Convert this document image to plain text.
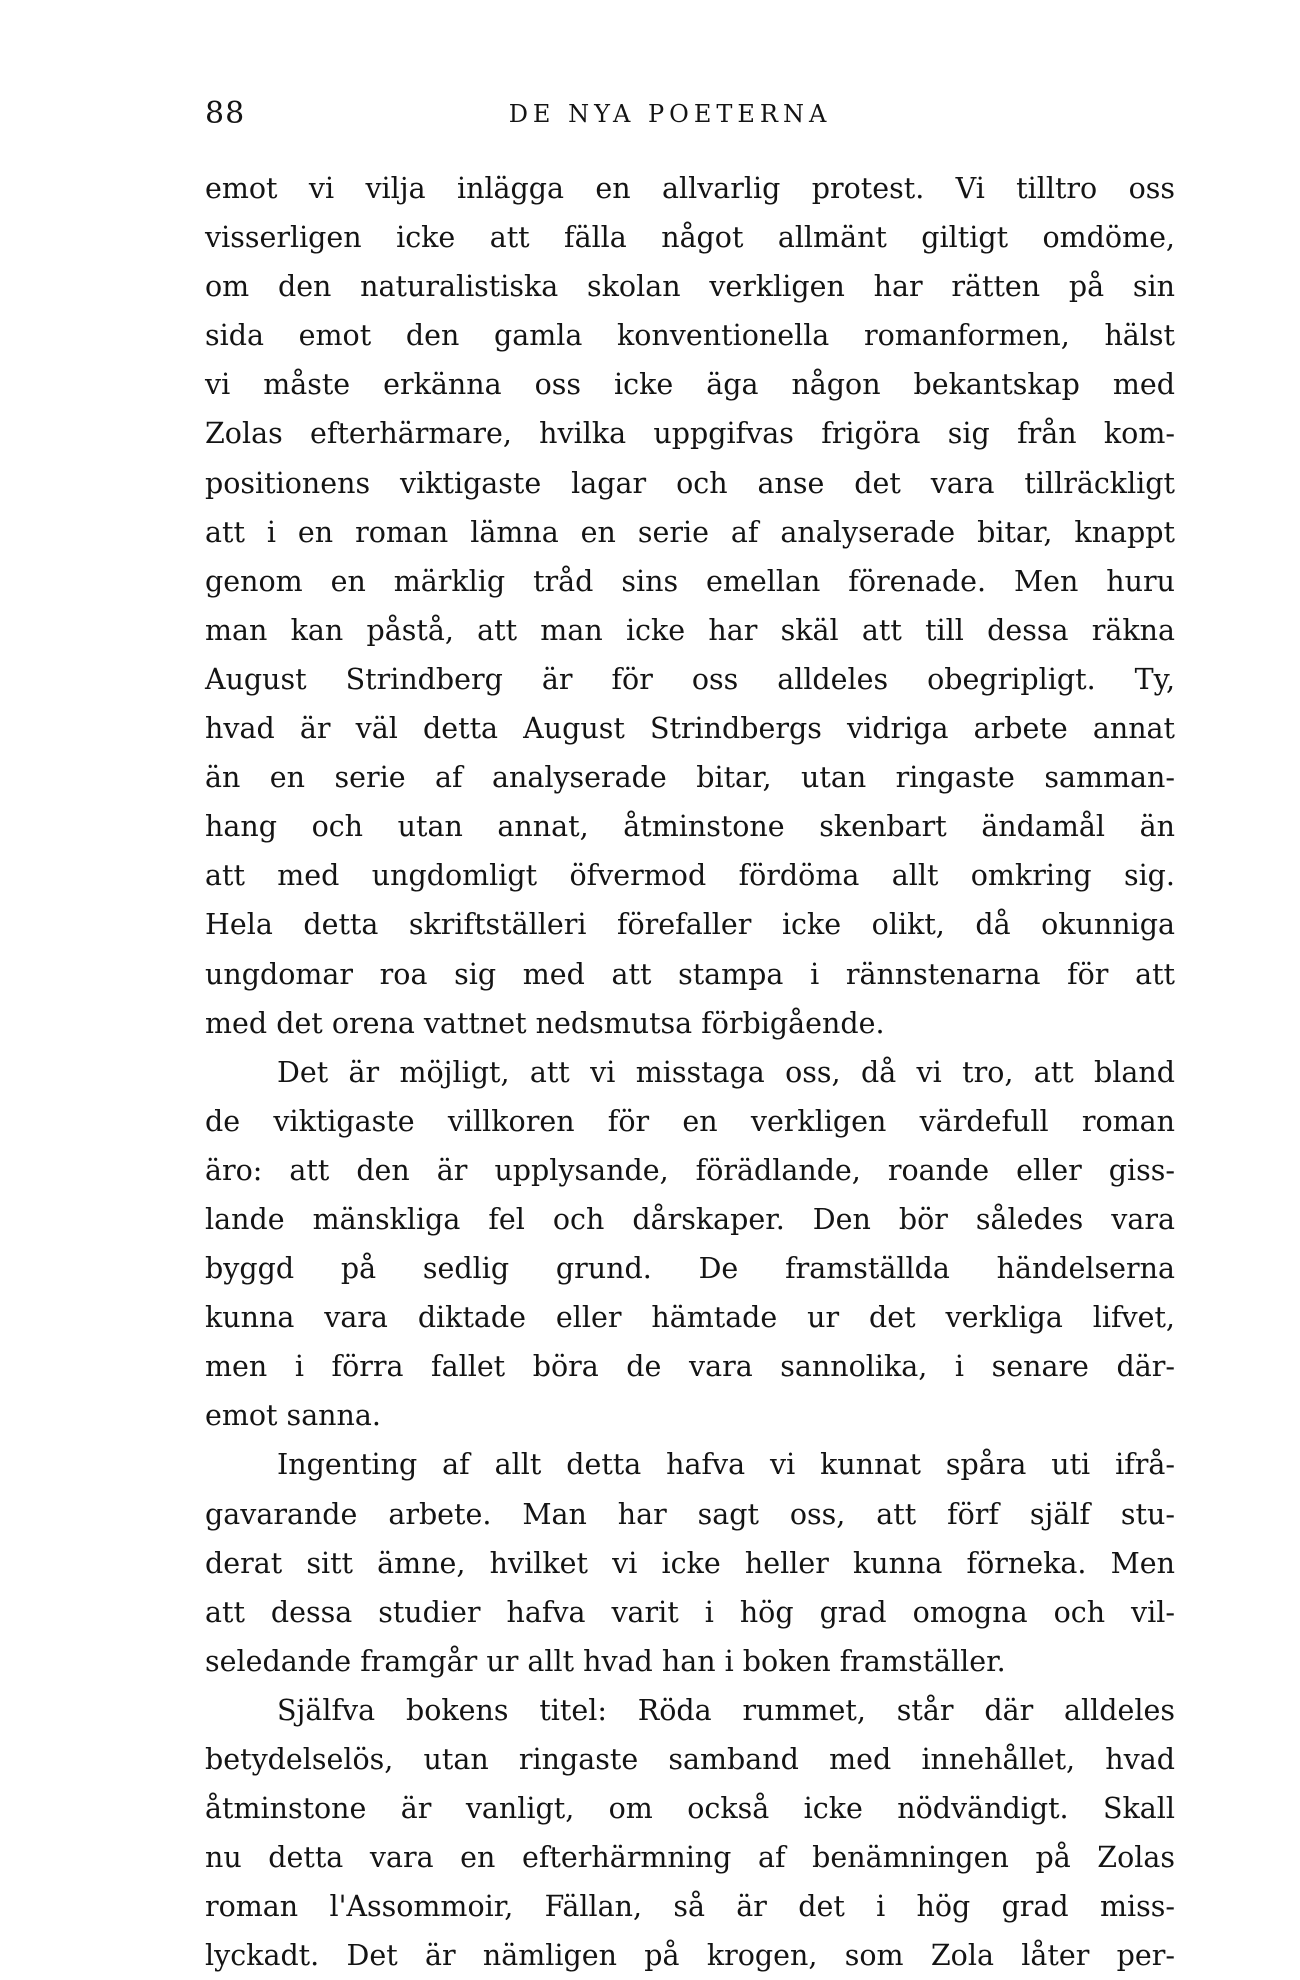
88	DE NYA POETERNA
emot vi vilja inlägga en allvarlig protest. Vi tilltro oss
visserligen icke att fälla något allmänt giltigt omdöme,
om den naturalistiska skolan verkligen har rätten på sin
sida emot den gamla konventionella romanformen, hälst
vi måste erkänna oss icke äga någon bekantskap med
Zolas efterhärmare, hvilka uppgifvas frigöra sig från kom-
positionens viktigaste lagar och anse det vara tillräckligt
att i en roman lämna en serie af analyserade bitar, knappt
genom en märklig tråd sins emellan förenade. Men huru
man kan påstå, att man icke har skäl att till dessa räkna
August Strindberg är för oss alldeles obegripligt. Ty,
hvad är väl detta August Strindbergs vidriga arbete annat
än en serie af analyserade bitar, utan ringaste samman-
hang och utan annat, åtminstone skenbart ändamål än
att med ungdomligt öfvermod fördöma allt omkring sig.
Hela detta skriftställeri förefaller icke olikt, då okunniga
ungdomar roa sig med att stampa i rännstenarna för att
med det orena vattnet nedsmutsa förbigående.
Det är möjligt, att vi misstaga oss, då vi tro, att bland
de viktigaste villkoren för en verkligen värdefull roman
äro: att den är upplysande, förädlande, roande eller giss-
lande mänskliga fel och dårskaper. Den bör således vara
byggd på sedlig grund. De framställda händelserna
kunna vara diktade eller hämtade ur det verkliga lifvet,
men i förra fallet böra de vara sannolika, i senare där-
emot sanna.
Ingenting af allt detta hafva vi kunnat spåra uti ifrå-
gavarande arbete. Man har sagt oss, att förf själf stu-
derat sitt ämne, hvilket vi icke heller kunna förneka. Men
att dessa studier hafva varit i hög grad omogna och vil-
seledande framgår ur allt hvad han i boken framställer.
Själfva bokens titel: Röda rummet, står där alldeles
betydelselös, utan ringaste samband med innehållet, hvad
åtminstone är vanligt, om också icke nödvändigt. Skall
nu detta vara en efterhärmning af benämningen på Zolas
roman l'Assommoir, Fällan, så är det i hög grad miss-
lyckadt. Det är nämligen på krogen, som Zola låter per-
